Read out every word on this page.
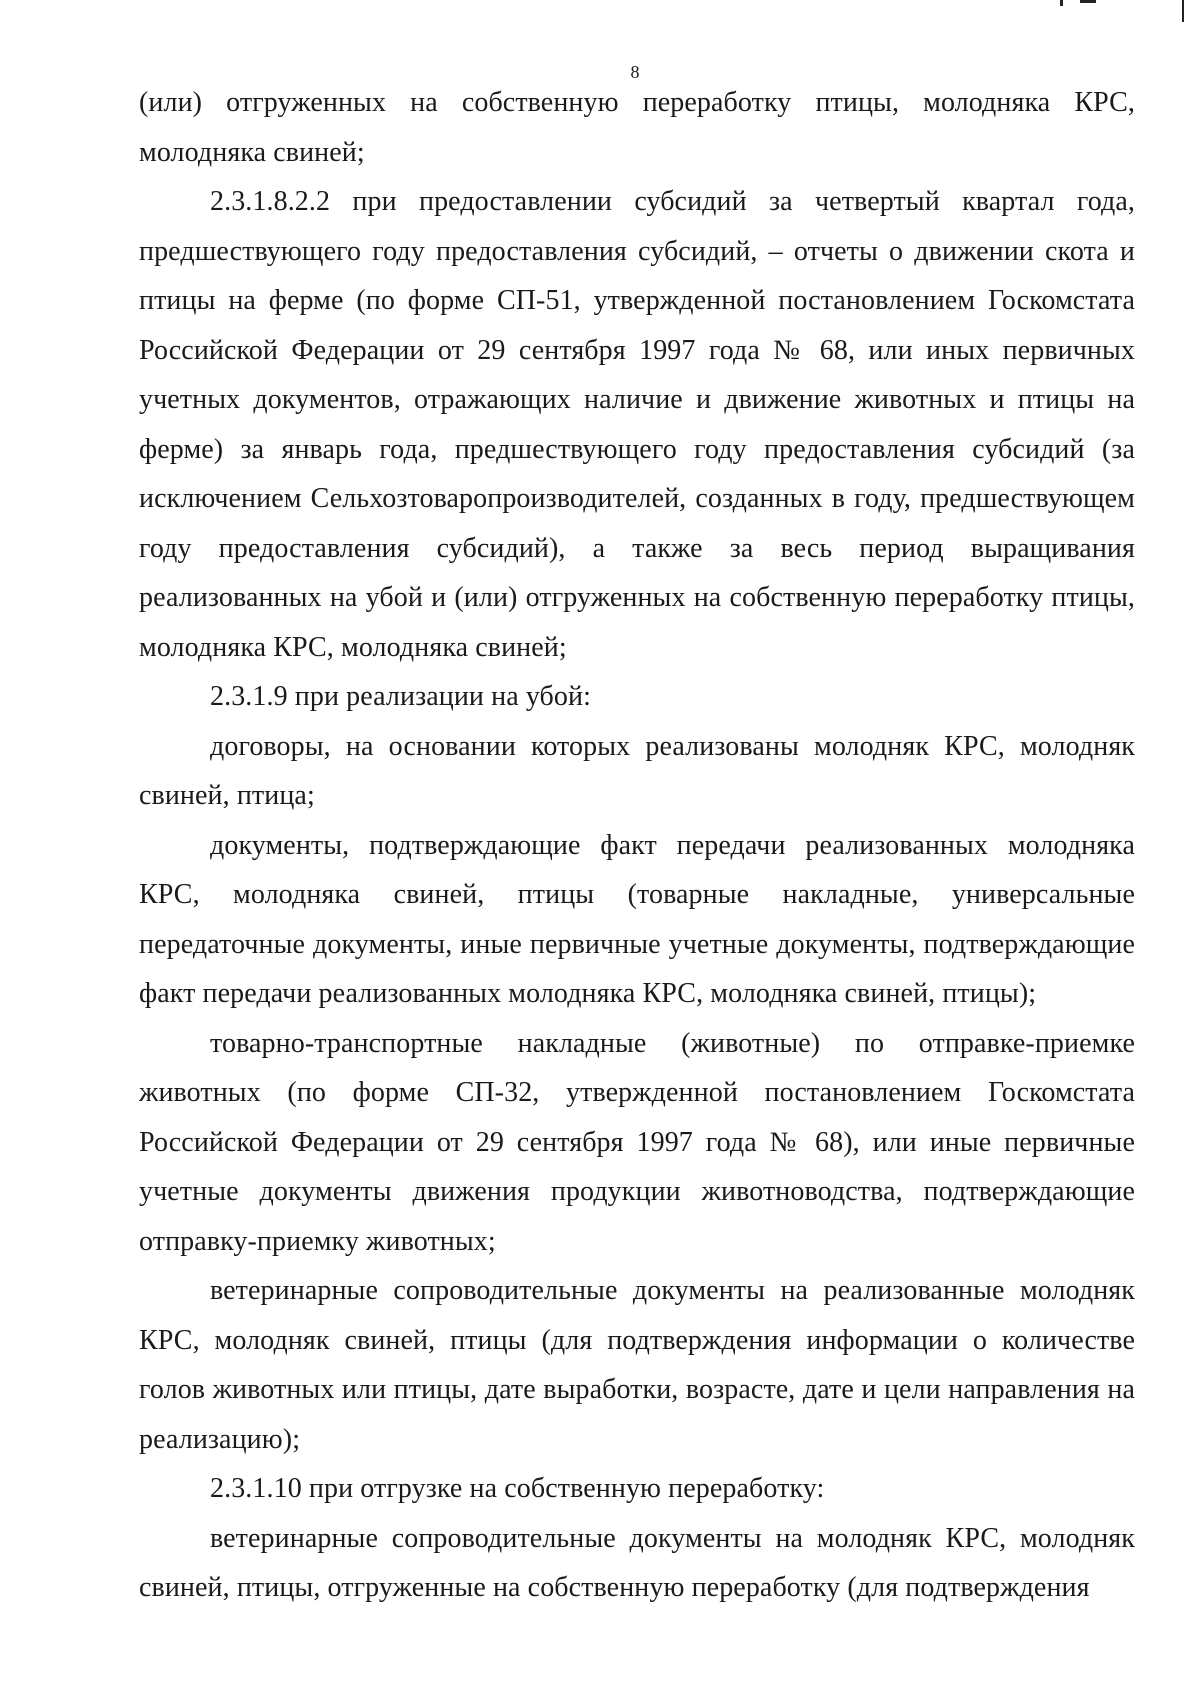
8

(или) отгруженных на собственную переработку птицы, молодняка КРС, молодняка свиней;

2.3.1.8.2.2 при предоставлении субсидий за четвертый квартал года, предшествующего году предоставления субсидий, – отчеты о движении скота и птицы на ферме (по форме СП-51, утвержденной постановлением Госкомстата Российской Федерации от 29 сентября 1997 года № 68, или иных первичных учетных документов, отражающих наличие и движение животных и птицы на ферме) за январь года, предшествующего году предоставления субсидий (за исключением Сельхозтоваропроизводителей, созданных в году, предшествующем году предоставления субсидий), а также за весь период выращивания реализованных на убой и (или) отгруженных на собственную переработку птицы, молодняка КРС, молодняка свиней;

2.3.1.9 при реализации на убой:

договоры, на основании которых реализованы молодняк КРС, молодняк свиней, птица;

документы, подтверждающие факт передачи реализованных молодняка КРС, молодняка свиней, птицы (товарные накладные, универсальные передаточные документы, иные первичные учетные документы, подтверждающие факт передачи реализованных молодняка КРС, молодняка свиней, птицы);

товарно-транспортные накладные (животные) по отправке-приемке животных (по форме СП-32, утвержденной постановлением Госкомстата Российской Федерации от 29 сентября 1997 года № 68), или иные первичные учетные документы движения продукции животноводства, подтверждающие отправку-приемку животных;

ветеринарные сопроводительные документы на реализованные молодняк КРС, молодняк свиней, птицы (для подтверждения информации о количестве голов животных или птицы, дате выработки, возрасте, дате и цели направления на реализацию);

2.3.1.10 при отгрузке на собственную переработку:

ветеринарные сопроводительные документы на молодняк КРС, молодняк свиней, птицы, отгруженные на собственную переработку (для подтверждения
